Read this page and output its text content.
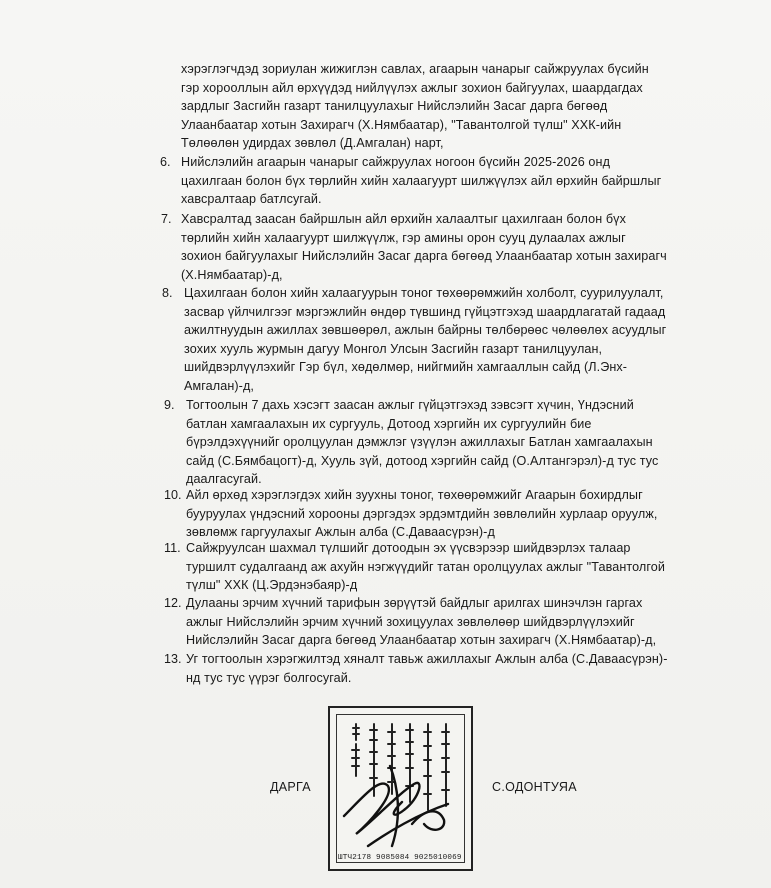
хэрэглэгчдэд зориулан жижиглэн савлах, агаарын чанарыг сайжруулах бүсийн
гэр хорооллын айл өрхүүдэд нийлүүлэх ажлыг зохион байгуулах, шаардагдах
зардлыг Засгийн газарт танилцуулахыг Нийслэлийн Засаг дарга бөгөөд
Улаанбаатар хотын Захирагч (Х.Нямбаатар), "Тавантолгой түлш" ХХК-ийн
Төлөөлөн удирдах зөвлөл (Д.Амгалан) нарт,
6. Нийслэлийн агаарын чанарыг сайжруулах ногоон бүсийн 2025-2026 онд
цахилгаан болон бүх төрлийн хийн халаагуурт шилжүүлэх айл өрхийн байршлыг
хавсралтаар батлсугай.
7. Хавсралтад заасан байршлын айл өрхийн халаалтыг цахилгаан болон бүх
төрлийн хийн халаагуурт шилжүүлж, гэр амины орон сууц дулаалах ажлыг
зохион байгуулахыг Нийслэлийн Засаг дарга бөгөөд Улаанбаатар хотын захирагч
(Х.Нямбаатар)-д,
8. Цахилгаан болон хийн халаагуурын тоног төхөөрөмжийн холболт, суурилуулалт,
засвар үйлчилгээг мэргэжлийн өндөр түвшинд гүйцэтгэхэд шаардлагатай гадаад
ажилтнуудын ажиллах зөвшөөрөл, ажлын байрны төлбөрөөс чөлөөлөх асуудлыг
зохих хууль журмын дагуу Монгол Улсын Засгийн газарт танилцуулан,
шийдвэрлүүлэхийг Гэр бүл, хөдөлмөр, нийгмийн хамгааллын сайд (Л.Энх-
Амгалан)-д,
9. Тогтоолын 7 дахь хэсэгт заасан ажлыг гүйцэтгэхэд зэвсэгт хүчин, Үндэсний
батлан хамгаалахын их сургууль, Дотоод хэргийн их сургуулийн бие
бүрэлдэхүүнийг оролцуулан дэмжлэг үзүүлэн ажиллахыг Батлан хамгаалахын
сайд (С.Бямбацогт)-д, Хууль зүй, дотоод хэргийн сайд (О.Алтангэрэл)-д тус тус
даалгасугай.
10. Айл өрхөд хэрэглэгдэх хийн зуухны тоног, төхөөрөмжийг Агаарын бохирдлыг
бууруулах үндэсний хорооны дэргэдэх эрдэмтдийн зөвлөлийн хурлаар оруулж,
зөвлөмж гаргуулахыг Ажлын алба (С.Даваасүрэн)-д
11. Сайжруулсан шахмал түлшийг дотоодын эх үүсвэрээр шийдвэрлэх талаар
туршилт судалгаанд аж ахуйн нэгжүүдийг татан оролцуулах ажлыг "Тавантолгой
түлш" ХХК (Ц.Эрдэнэбаяр)-д
12. Дулааны эрчим хүчний тарифын зөрүүтэй байдлыг арилгах шинэчлэн гаргах
ажлыг Нийслэлийн эрчим хүчний зохицуулах зөвлөлөөр шийдвэрлүүлэхийг
Нийслэлийн Засаг дарга бөгөөд Улаанбаатар хотын захирагч (Х.Нямбаатар)-д,
13. Уг тогтоолын хэрэгжилтэд хяналт тавьж ажиллахыг Ажлын алба (С.Даваасүрэн)-
нд тус тус үүрэг болгосугай.
ДАРГА	С.ОДОНТУЯА
ШТЧ2178 9085084 9025010069
